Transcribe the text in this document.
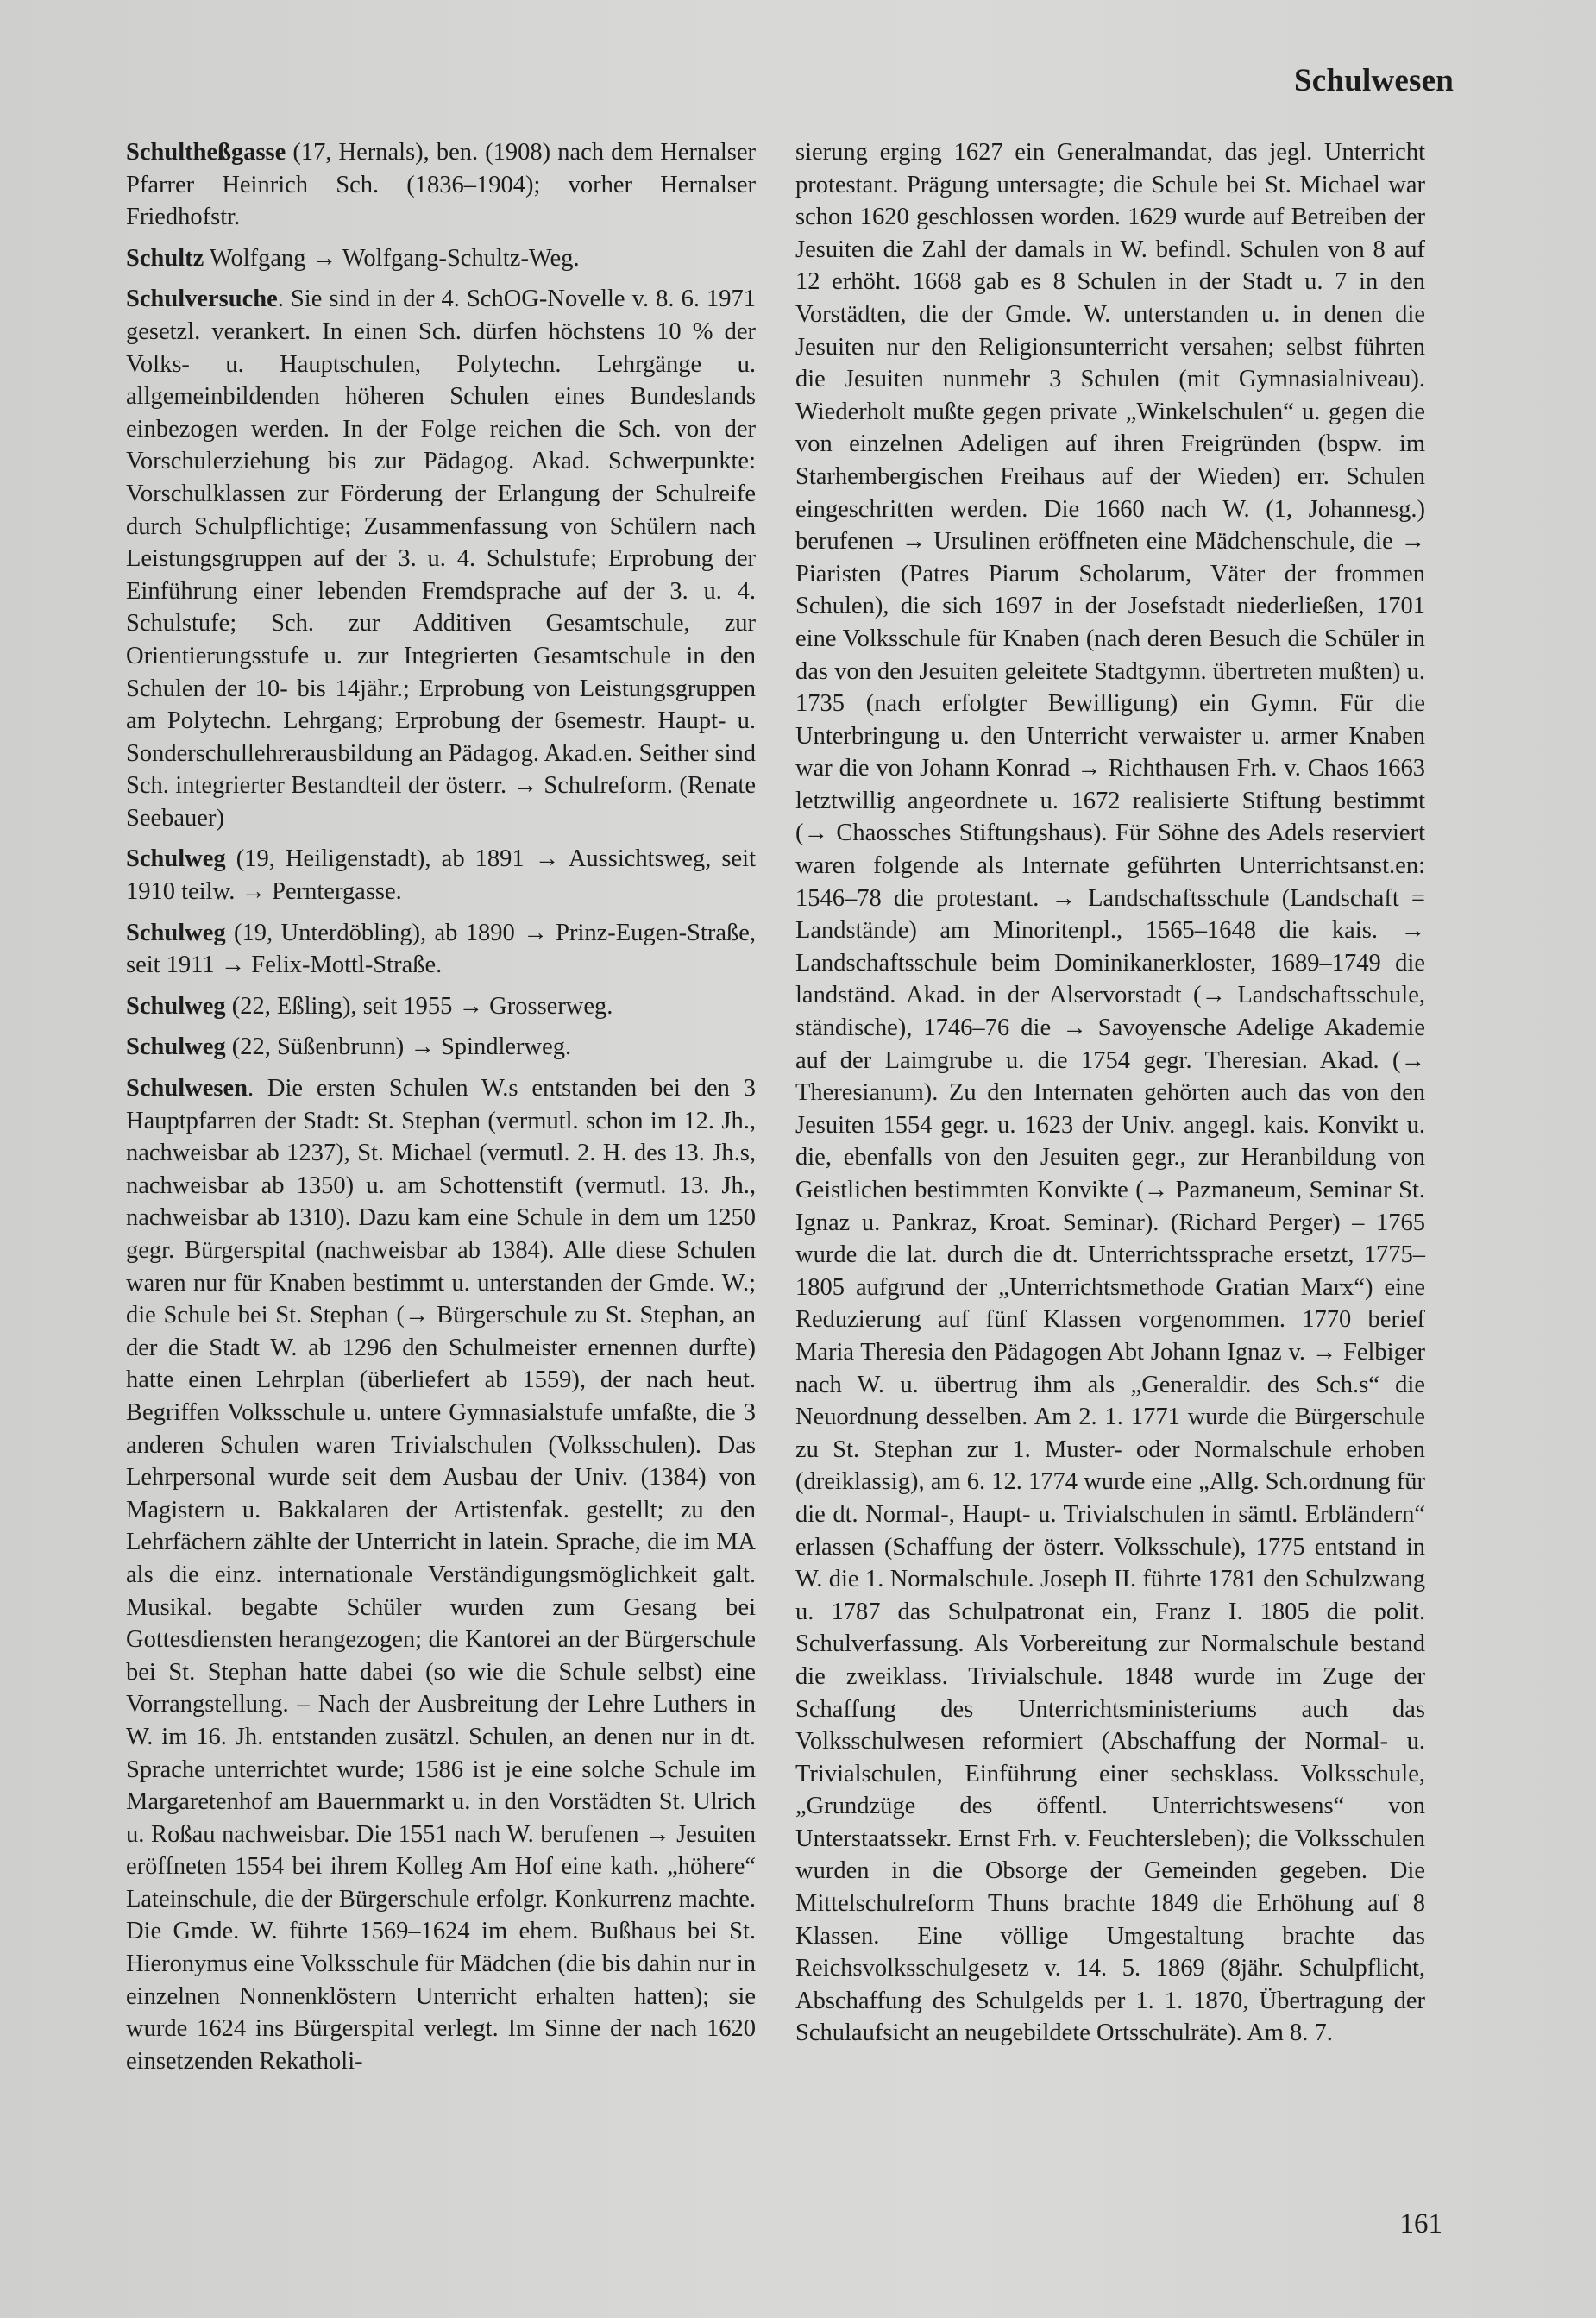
Schulwesen

Schultheßgasse (17, Hernals), ben. (1908) nach dem Hernalser Pfarrer Heinrich Sch. (1836–1904); vorher Hernalser Friedhofstr.

Schultz Wolfgang → Wolfgang-Schultz-Weg.

Schulversuche. Sie sind in der 4. SchOG-Novelle v. 8. 6. 1971 gesetzl. verankert. In einen Sch. dürfen höchstens 10 % der Volks- u. Hauptschulen, Polytechn. Lehrgänge u. allgemeinbildenden höheren Schulen eines Bundeslands einbezogen werden. In der Folge reichen die Sch. von der Vorschulerziehung bis zur Pädagog. Akad. Schwerpunkte: Vorschulklassen zur Förderung der Erlangung der Schulreife durch Schulpflichtige; Zusammenfassung von Schülern nach Leistungsgruppen auf der 3. u. 4. Schulstufe; Erprobung der Einführung einer lebenden Fremdsprache auf der 3. u. 4. Schulstufe; Sch. zur Additiven Gesamtschule, zur Orientierungsstufe u. zur Integrierten Gesamtschule in den Schulen der 10- bis 14jähr.; Erprobung von Leistungsgruppen am Polytechn. Lehrgang; Erprobung der 6semestr. Haupt- u. Sonderschullehrerausbildung an Pädagog. Akad.en. Seither sind Sch. integrierter Bestandteil der österr. → Schulreform. (Renate Seebauer)

Schulweg (19, Heiligenstadt), ab 1891 → Aussichtsweg, seit 1910 teilw. → Perntergasse.

Schulweg (19, Unterdöbling), ab 1890 → Prinz-Eugen-Straße, seit 1911 → Felix-Mottl-Straße.

Schulweg (22, Eßling), seit 1955 → Grosserweg.

Schulweg (22, Süßenbrunn) → Spindlerweg.

Schulwesen. Die ersten Schulen W.s entstanden bei den 3 Hauptpfarren der Stadt: St. Stephan (vermutl. schon im 12. Jh., nachweisbar ab 1237), St. Michael (vermutl. 2. H. des 13. Jh.s, nachweisbar ab 1350) u. am Schottenstift (vermutl. 13. Jh., nachweisbar ab 1310). Dazu kam eine Schule in dem um 1250 gegr. Bürgerspital (nachweisbar ab 1384). Alle diese Schulen waren nur für Knaben bestimmt u. unterstanden der Gmde. W.; die Schule bei St. Stephan (→ Bürgerschule zu St. Stephan, an der die Stadt W. ab 1296 den Schulmeister ernennen durfte) hatte einen Lehrplan (überliefert ab 1559), der nach heut. Begriffen Volksschule u. untere Gymnasialstufe umfaßte, die 3 anderen Schulen waren Trivialschulen (Volksschulen). Das Lehrpersonal wurde seit dem Ausbau der Univ. (1384) von Magistern u. Bakkalaren der Artistenfak. gestellt; zu den Lehrfächern zählte der Unterricht in latein. Sprache, die im MA als die einz. internationale Verständigungsmöglichkeit galt. Musikal. begabte Schüler wurden zum Gesang bei Gottesdiensten herangezogen; die Kantorei an der Bürgerschule bei St. Stephan hatte dabei (so wie die Schule selbst) eine Vorrangstellung. – Nach der Ausbreitung der Lehre Luthers in W. im 16. Jh. entstanden zusätzl. Schulen, an denen nur in dt. Sprache unterrichtet wurde; 1586 ist je eine solche Schule im Margaretenhof am Bauernmarkt u. in den Vorstädten St. Ulrich u. Roßau nachweisbar. Die 1551 nach W. berufenen → Jesuiten eröffneten 1554 bei ihrem Kolleg Am Hof eine kath. „höhere“ Lateinschule, die der Bürgerschule erfolgr. Konkurrenz machte. Die Gmde. W. führte 1569–1624 im ehem. Bußhaus bei St. Hieronymus eine Volksschule für Mädchen (die bis dahin nur in einzelnen Nonnenklöstern Unterricht erhalten hatten); sie wurde 1624 ins Bürgerspital verlegt. Im Sinne der nach 1620 einsetzenden Rekatholi-

sierung erging 1627 ein Generalmandat, das jegl. Unterricht protestant. Prägung untersagte; die Schule bei St. Michael war schon 1620 geschlossen worden. 1629 wurde auf Betreiben der Jesuiten die Zahl der damals in W. befindl. Schulen von 8 auf 12 erhöht. 1668 gab es 8 Schulen in der Stadt u. 7 in den Vorstädten, die der Gmde. W. unterstanden u. in denen die Jesuiten nur den Religionsunterricht versahen; selbst führten die Jesuiten nunmehr 3 Schulen (mit Gymnasialniveau). Wiederholt mußte gegen private „Winkelschulen“ u. gegen die von einzelnen Adeligen auf ihren Freigründen (bspw. im Starhembergischen Freihaus auf der Wieden) err. Schulen eingeschritten werden. Die 1660 nach W. (1, Johannesg.) berufenen → Ursulinen eröffneten eine Mädchenschule, die → Piaristen (Patres Piarum Scholarum, Väter der frommen Schulen), die sich 1697 in der Josefstadt niederließen, 1701 eine Volksschule für Knaben (nach deren Besuch die Schüler in das von den Jesuiten geleitete Stadtgymn. übertreten mußten) u. 1735 (nach erfolgter Bewilligung) ein Gymn. Für die Unterbringung u. den Unterricht verwaister u. armer Knaben war die von Johann Konrad → Richthausen Frh. v. Chaos 1663 letztwillig angeordnete u. 1672 realisierte Stiftung bestimmt (→ Chaossches Stiftungshaus). Für Söhne des Adels reserviert waren folgende als Internate geführten Unterrichtsanst.en: 1546–78 die protestant. → Landschaftsschule (Landschaft = Landstände) am Minoritenpl., 1565–1648 die kais. → Landschaftsschule beim Dominikanerkloster, 1689–1749 die landständ. Akad. in der Alservorstadt (→ Landschaftsschule, ständische), 1746–76 die → Savoyensche Adelige Akademie auf der Laimgrube u. die 1754 gegr. Theresian. Akad. (→ Theresianum). Zu den Internaten gehörten auch das von den Jesuiten 1554 gegr. u. 1623 der Univ. angegl. kais. Konvikt u. die, ebenfalls von den Jesuiten gegr., zur Heranbildung von Geistlichen bestimmten Konvikte (→ Pazmaneum, Seminar St. Ignaz u. Pankraz, Kroat. Seminar). (Richard Perger) – 1765 wurde die lat. durch die dt. Unterrichtssprache ersetzt, 1775–1805 aufgrund der „Unterrichtsmethode Gratian Marx“) eine Reduzierung auf fünf Klassen vorgenommen. 1770 berief Maria Theresia den Pädagogen Abt Johann Ignaz v. → Felbiger nach W. u. übertrug ihm als „Generaldir. des Sch.s“ die Neuordnung desselben. Am 2. 1. 1771 wurde die Bürgerschule zu St. Stephan zur 1. Muster- oder Normalschule erhoben (dreiklassig), am 6. 12. 1774 wurde eine „Allg. Sch.ordnung für die dt. Normal-, Haupt- u. Trivialschulen in sämtl. Erbländern“ erlassen (Schaffung der österr. Volksschule), 1775 entstand in W. die 1. Normalschule. Joseph II. führte 1781 den Schulzwang u. 1787 das Schulpatronat ein, Franz I. 1805 die polit. Schulverfassung. Als Vorbereitung zur Normalschule bestand die zweiklass. Trivialschule. 1848 wurde im Zuge der Schaffung des Unterrichtsministeriums auch das Volksschulwesen reformiert (Abschaffung der Normal- u. Trivialschulen, Einführung einer sechsklass. Volksschule, „Grundzüge des öffentl. Unterrichtswesens“ von Unterstaatssekr. Ernst Frh. v. Feuchtersleben); die Volksschulen wurden in die Obsorge der Gemeinden gegeben. Die Mittelschulreform Thuns brachte 1849 die Erhöhung auf 8 Klassen. Eine völlige Umgestaltung brachte das Reichsvolksschulgesetz v. 14. 5. 1869 (8jähr. Schulpflicht, Abschaffung des Schulgelds per 1. 1. 1870, Übertragung der Schulaufsicht an neugebildete Ortsschulräte). Am 8. 7.

161
